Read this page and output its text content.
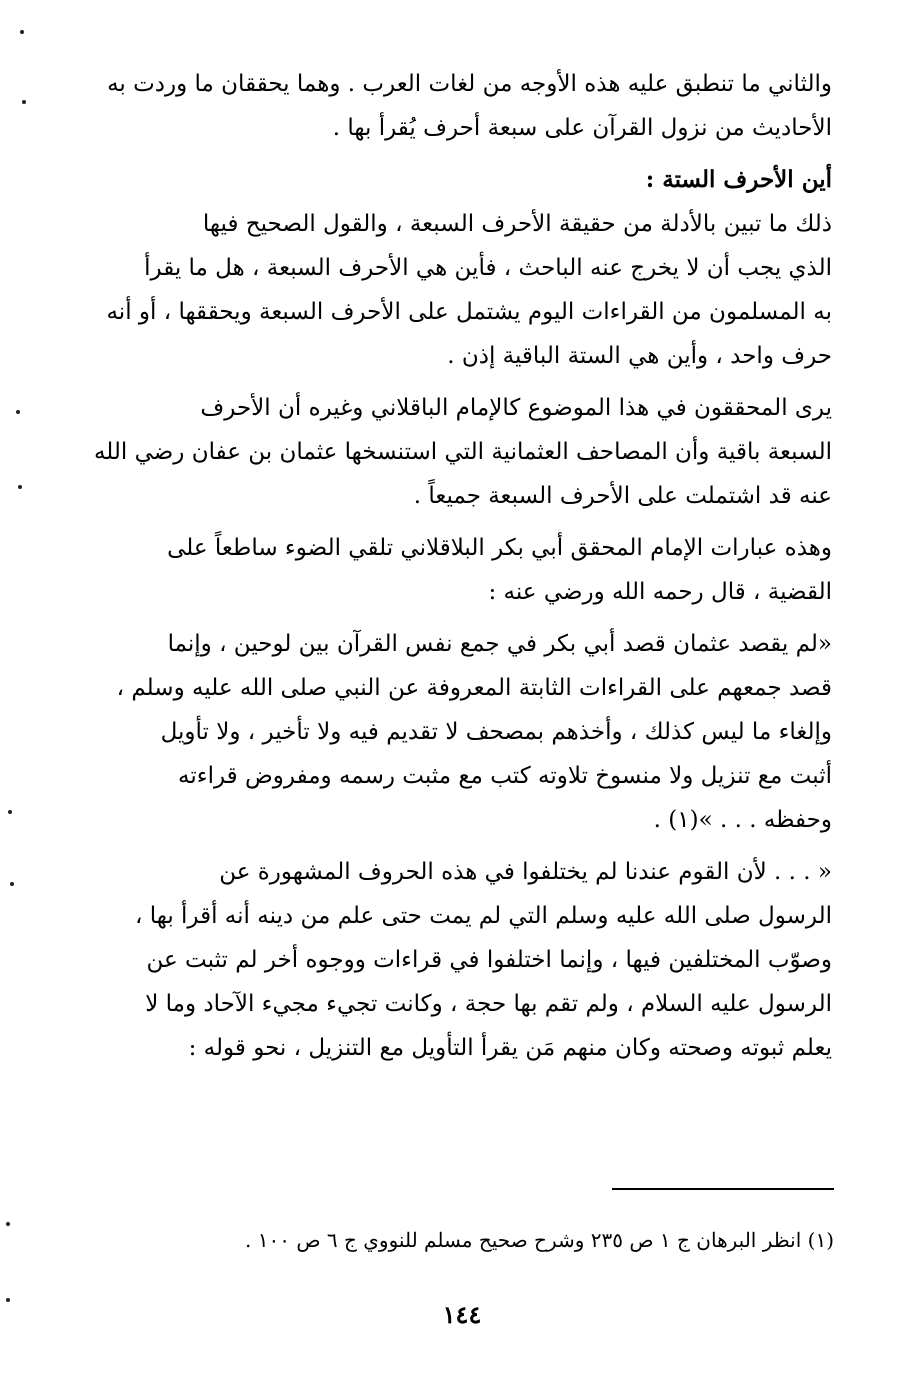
والثاني ما تنطبق عليه هذه الأوجه من لغات العرب . وهما يحققان ما وردت به
الأحاديث من نزول القرآن على سبعة أحرف يُقرأ بها .
أين الأحرف الستة :
ذلك ما تبين بالأدلة من حقيقة الأحرف السبعة ، والقول الصحيح فيها
الذي يجب أن لا يخرج عنه الباحث ، فأين هي الأحرف السبعة ، هل ما يقرأ
به المسلمون من القراءات اليوم يشتمل على الأحرف السبعة ويحققها ، أو أنه
حرف واحد ، وأين هي الستة الباقية إذن .
يرى المحققون في هذا الموضوع كالإمام الباقلاني وغيره أن الأحرف
السبعة باقية وأن المصاحف العثمانية التي استنسخها عثمان بن عفان رضي الله
عنه قد اشتملت على الأحرف السبعة جميعاً .
وهذه عبارات الإمام المحقق أبي بكر البلاقلاني تلقي الضوء ساطعاً على
القضية ، قال رحمه الله ورضي عنه :
«لم يقصد عثمان قصد أبي بكر في جمع نفس القرآن بين لوحين ، وإنما
قصد جمعهم على القراءات الثابتة المعروفة عن النبي صلى الله عليه وسلم ،
وإلغاء ما ليس كذلك ، وأخذهم بمصحف لا تقديم فيه ولا تأخير ، ولا تأويل
أثبت مع تنزيل ولا منسوخ تلاوته كتب مع مثبت رسمه ومفروض قراءته
وحفظه . . . »(١) .
« . . . لأن القوم عندنا لم يختلفوا في هذه الحروف المشهورة عن
الرسول صلى الله عليه وسلم التي لم يمت حتى علم من دينه أنه أقرأ بها ،
وصوّب المختلفين فيها ، وإنما اختلفوا في قراءات ووجوه أخر لم تثبت عن
الرسول عليه السلام ، ولم تقم بها حجة ، وكانت تجيء مجيء الآحاد وما لا
يعلم ثبوته وصحته وكان منهم مَن يقرأ التأويل مع التنزيل ، نحو قوله :
(١) انظر البرهان ج ١ ص ٢٣٥ وشرح صحيح مسلم للنووي ج ٦ ص ١٠٠ .
١٤٤
